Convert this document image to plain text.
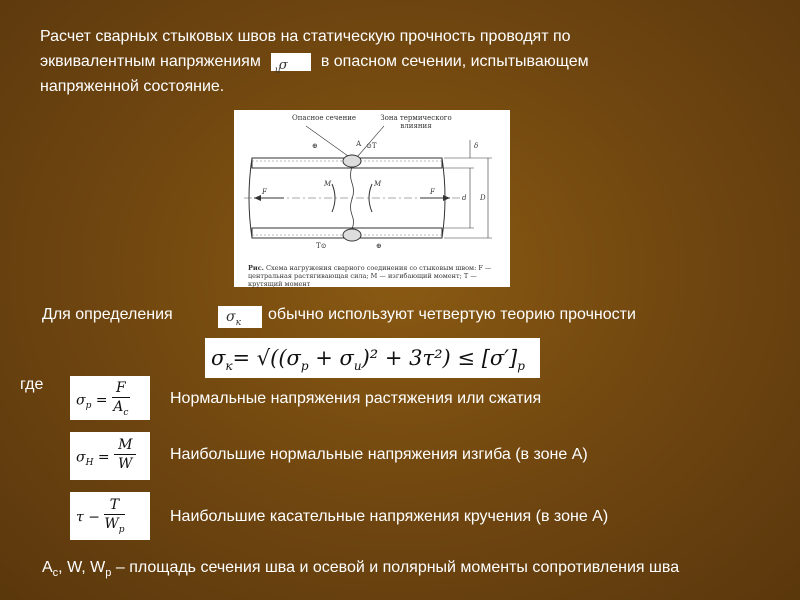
Расчет сварных стыковых швов на статическую прочность проводят по
эквивалентным напряжениям σ
$_и$
в опасном сечении, испытывающем
напряженной состояние.
Опасное сечение	Зона термического влияния
А ⊙T
⊕
T⊙	⊕
F	F
M	M
d D
δ
Рис. Схема нагружения сварного соединения со стыковым швом: F — центральная растягивающая сила; M — изгибающий момент; T — крутящий момент
Для определения	$\sigma_к$	обычно используют четвертую теорию прочности
$\sigma_к= √((\sigma_р + \sigma_и)^2 + 3\tau^2) \le [\sigma']_р$
где
$\sigma_р = \frac{F}{A_c}$	Нормальные напряжения растяжения или сжатия
$\sigma_Н = \frac{M}{W}$ Наибольшие нормальные напряжения изгиба (в зоне А)
$\tau - \frac{T}{W_p}$	Наибольшие касательные напряжения кручения (в зоне А)
$A_c$, W, $W_p$ – площадь сечения шва и осевой и полярный моменты сопротивления шва
